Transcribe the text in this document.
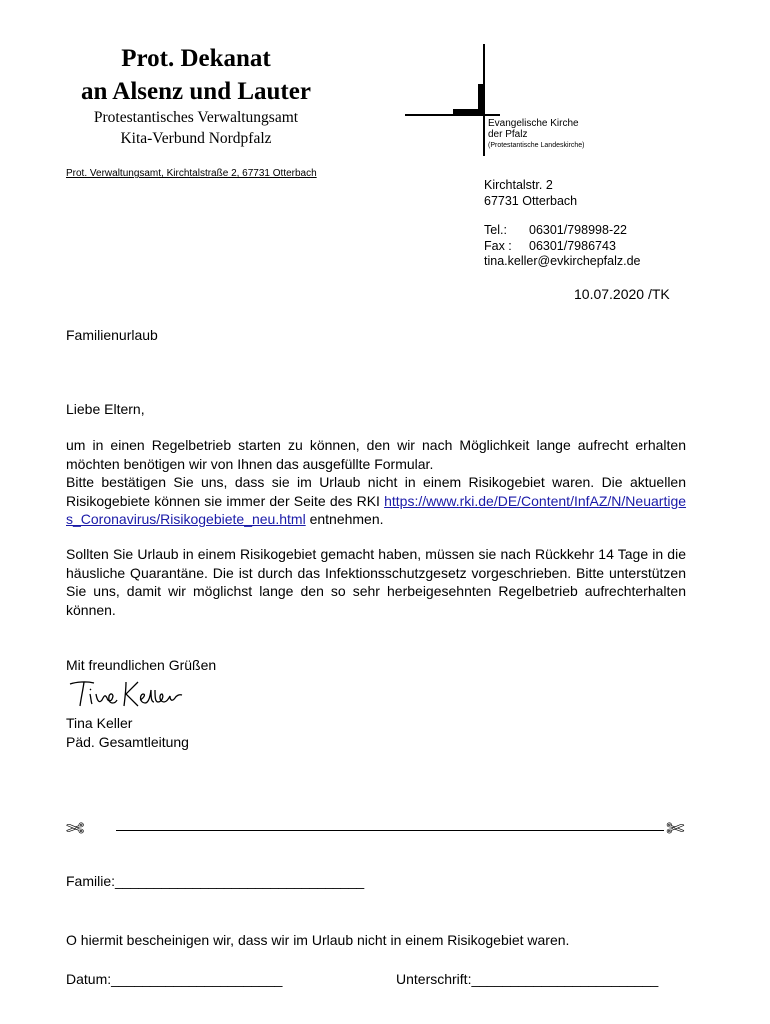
Prot. Dekanat
an Alsenz und Lauter
Protestantisches Verwaltungsamt
Kita-Verbund Nordpfalz
Prot. Verwaltungsamt, Kirchtalstraße 2, 67731 Otterbach
Evangelische Kirche
der Pfalz
(Protestantische Landeskirche)
Kirchtalstr. 2
67731 Otterbach
Tel.: 06301/798998-22
Fax : 06301/7986743
tina.keller@evkirchepfalz.de
10.07.2020 /TK
Familienurlaub
Liebe Eltern,

um in einen Regelbetrieb starten zu können, den wir nach Möglichkeit lange aufrecht erhalten möchten benötigen wir von Ihnen das ausgefüllte Formular.

Bitte bestätigen Sie uns, dass sie im Urlaub nicht in einem Risikogebiet waren. Die aktuellen Risikogebiete können sie immer der Seite des RKI https://www.rki.de/DE/Content/InfAZ/N/Neuartiges_Coronavirus/Risikogebiete_neu.html entnehmen.

Sollten Sie Urlaub in einem Risikogebiet gemacht haben, müssen sie nach Rückkehr 14 Tage in die häusliche Quarantäne. Die ist durch das Infektionsschutzgesetz vorgeschrieben. Bitte unterstützen Sie uns, damit wir möglichst lange den so sehr herbeigesehnten Regelbetrieb aufrechterhalten können.
Mit freundlichen Grüßen
Tina Keller
Päd. Gesamtleitung
✄	✄
Familie:________________________________
O hiermit bescheinigen wir, dass wir im Urlaub nicht in einem Risikogebiet waren.
Datum:______________________	Unterschrift:________________________
